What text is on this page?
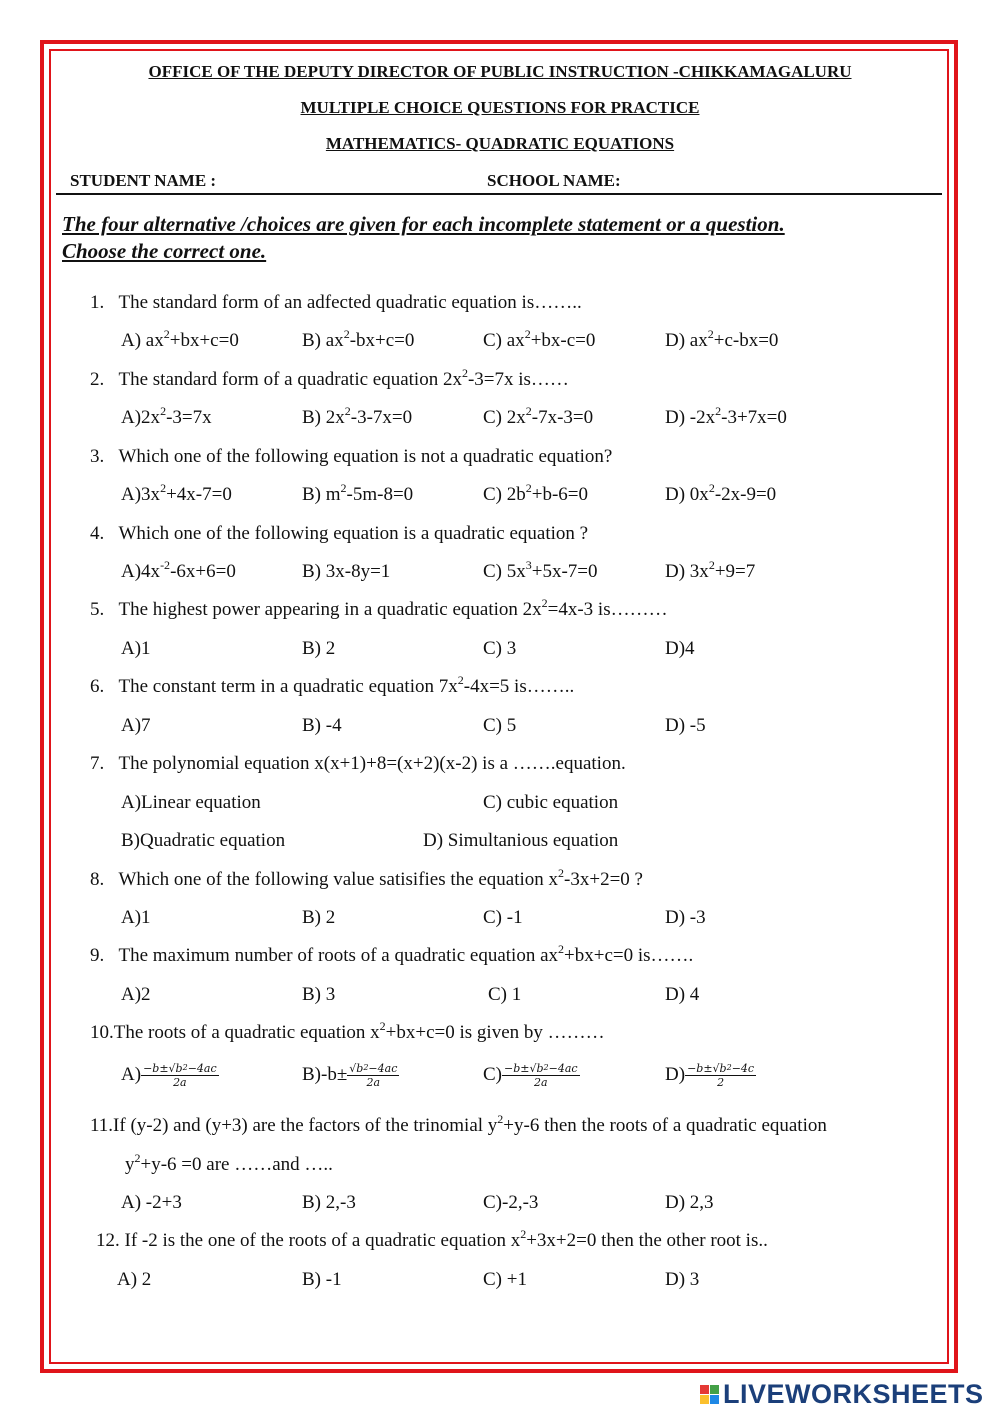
OFFICE OF THE DEPUTY DIRECTOR OF PUBLIC INSTRUCTION -CHIKKAMAGALURU
MULTIPLE CHOICE QUESTIONS FOR PRACTICE
MATHEMATICS- QUADRATIC EQUATIONS
STUDENT NAME :	SCHOOL NAME:
The four alternative /choices are given for each incomplete statement or a question.
Choose the correct one.
1. The standard form of an adfected quadratic equation is……..
A) $ax^2+bx+c=0$	B) $ax^2-bx+c=0$	C) $ax^2+bx-c=0$	D) $ax^2+c-bx=0$
2. The standard form of a quadratic equation $2x^2-3=7x$ is……
$A)2x^2-3=7x$	B) $2x^2-3-7x=0$	C) $2x^2-7x-3=0$	D) $-2x^2-3+7x=0$
3. Which one of the following equation is not a quadratic equation?
$A)3x^2+4x-7=0$	B) $m^2-5m-8=0$	C) $2b^2+b-6=0$	D) $0x^2-2x-9=0$
4. Which one of the following equation is a quadratic equation ?
$A)4x^{-2}-6x+6=0$	B) 3x-8y=1	C) $5x^3+5x-7=0$	D) $3x^2+9=7$
5. The highest power appearing in a quadratic equation $2x^2=4x-3$ is………
A)1	B) 2	C) 3	D)4
6. The constant term in a quadratic equation $7x^2-4x=5$ is……..
A)7	B) -4	C) 5	D) -5
7. The polynomial equation x(x+1)+8=(x+2)(x-2) is a …….equation.
A)Linear equation	C) cubic equation
B)Quadratic equation	D) Simultanious equation
8. Which one of the following value satisifies the equation $x^2-3x+2=0$ ?
A)1	B) 2	C) -1	D) -3
9. The maximum number of roots of a quadratic equation $ax^2+bx+c=0$ is…….
A)2	B) 3	C) 1	D) 4
10.The roots of a quadratic equation $x^2+bx+c=0$ is given by ………
$A) \frac{-b\pm√b^2-4ac}{2a}$	$B)-b\pm \frac{√b^2-4ac}{2a}$	$C) \frac{-b\pm√b^2-4ac}{2a}$	$D) \frac{-b\pm√b^2-4c}{2}$
11.If (y-2) and (y+3) are the factors of the trinomial $y^2+y-6$ then the roots of a quadratic equation
$y^2+y-6 =0$ are ……and …..
A) -2+3	B) 2,-3	C)-2,-3	D) 2,3
12. If -2 is the one of the roots of a quadratic equation $x^2+3x+2=0$ then the other root is..
A) 2	B) -1	C) +1	D) 3
LIVEWORKSHEETS
